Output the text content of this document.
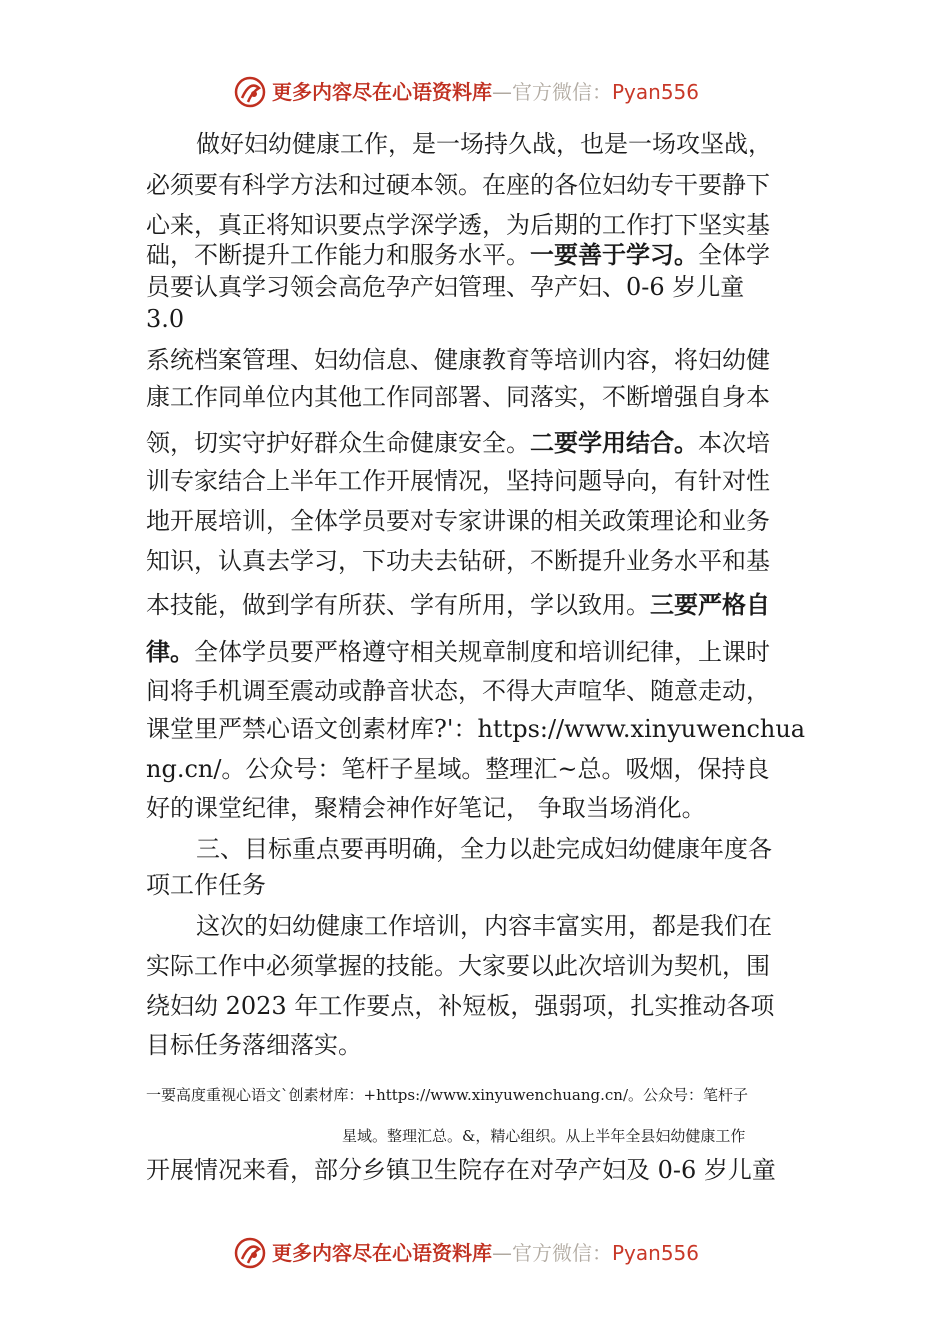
更多内容尽在心语资料库—官方微信：Pyan556
做好妇幼健康工作，是一场持久战，也是一场攻坚战，
必须要有科学方法和过硬本领。在座的各位妇幼专干要静下
心来，真正将知识要点学深学透，为后期的工作打下坚实基
础，不断提升工作能力和服务水平。一要善于学习。全体学
员要认真学习领会高危孕产妇管理、孕产妇、0-6 岁儿童
3.0
系统档案管理、妇幼信息、健康教育等培训内容，将妇幼健
康工作同单位内其他工作同部署、同落实，不断增强自身本
领，切实守护好群众生命健康安全。二要学用结合。本次培
训专家结合上半年工作开展情况，坚持问题导向，有针对性
地开展培训，全体学员要对专家讲课的相关政策理论和业务
知识，认真去学习，下功夫去钻研，不断提升业务水平和基
本技能，做到学有所获、学有所用，学以致用。三要严格自
律。全体学员要严格遵守相关规章制度和培训纪律，上课时
间将手机调至震动或静音状态，不得大声喧华、随意走动，
课堂里严禁心语文创素材库?'：https://www.xinyuwenchua
ng.cn/。公众号：笔杆子星域。整理汇~总。吸烟，保持良
好的课堂纪律，聚精会神作好笔记， 争取当场消化。
三、目标重点要再明确，全力以赴完成妇幼健康年度各
项工作任务
这次的妇幼健康工作培训，内容丰富实用，都是我们在
实际工作中必须掌握的技能。大家要以此次培训为契机，围
绕妇幼 2023 年工作要点，补短板，强弱项，扎实推动各项
目标任务落细落实。
一要高度重视心语文`创素材库：+https://www.xinyuwenchuang.cn/。公众号：笔杆子
星域。整理汇总。&，精心组织。从上半年全县妇幼健康工作
开展情况来看，部分乡镇卫生院存在对孕产妇及 0-6 岁儿童
更多内容尽在心语资料库—官方微信：Pyan556
